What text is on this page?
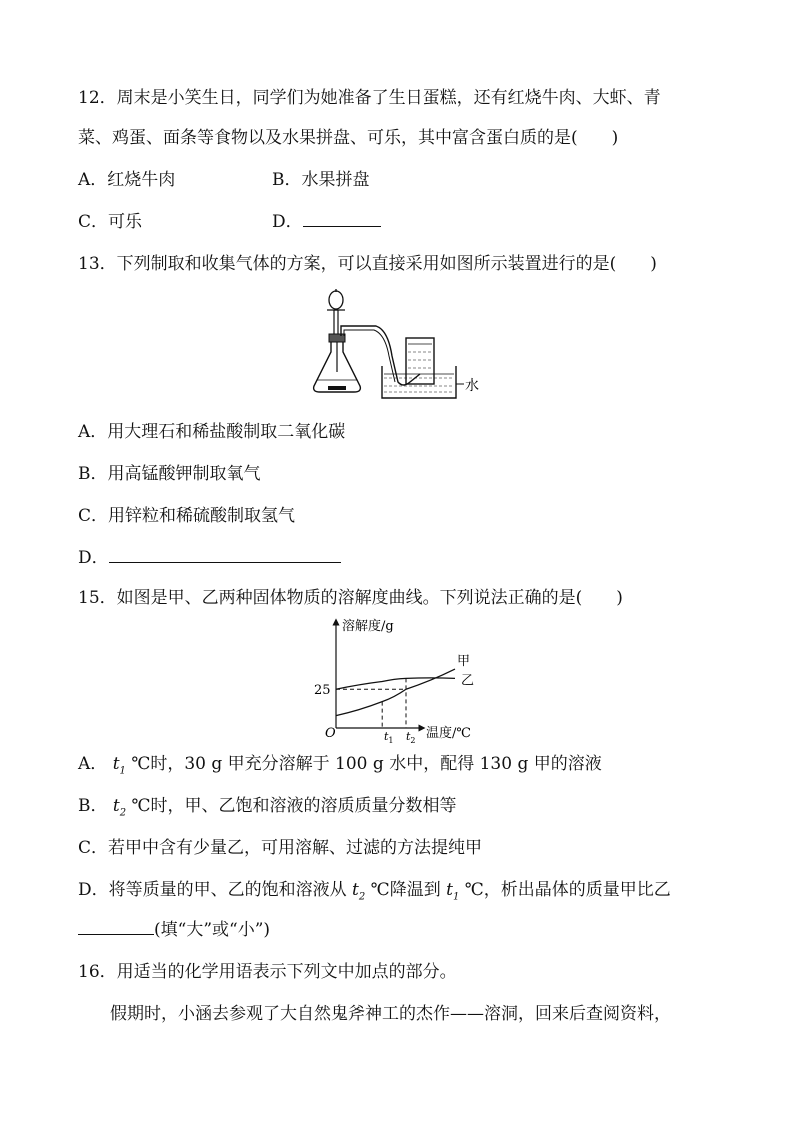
12．周末是小笑生日，同学们为她准备了生日蛋糕，还有红烧牛肉、大虾、青
菜、鸡蛋、面条等食物以及水果拼盘、可乐，其中富含蛋白质的是(　　)
A．红烧牛肉	B．水果拼盘
C．可乐	D．
13．下列制取和收集气体的方案，可以直接采用如图所示装置进行的是(　　)
水
A．用大理石和稀盐酸制取二氧化碳
B．用高锰酸钾制取氧气
C．用锌粒和稀硫酸制取氢气
D．
15．如图是甲、乙两种固体物质的溶解度曲线。下列说法正确的是(　　)
溶解度/g
温度/℃
O
25
甲
乙
$t_1$ $t_2$
A． $t_1$ ℃时，30 g 甲充分溶解于 100 g 水中，配得 130 g 甲的溶液
B． $t_2$ ℃时，甲、乙饱和溶液的溶质质量分数相等
C．若甲中含有少量乙，可用溶解、过滤的方法提纯甲
D．将等质量的甲、乙的饱和溶液从 $t_2$ ℃降温到 $t_1$ ℃，析出晶体的质量甲比乙
(填“大”或“小”)
16．用适当的化学用语表示下列文中加点的部分。
假期时，小涵去参观了大自然鬼斧神工的杰作——溶洞，回来后查阅资料，
